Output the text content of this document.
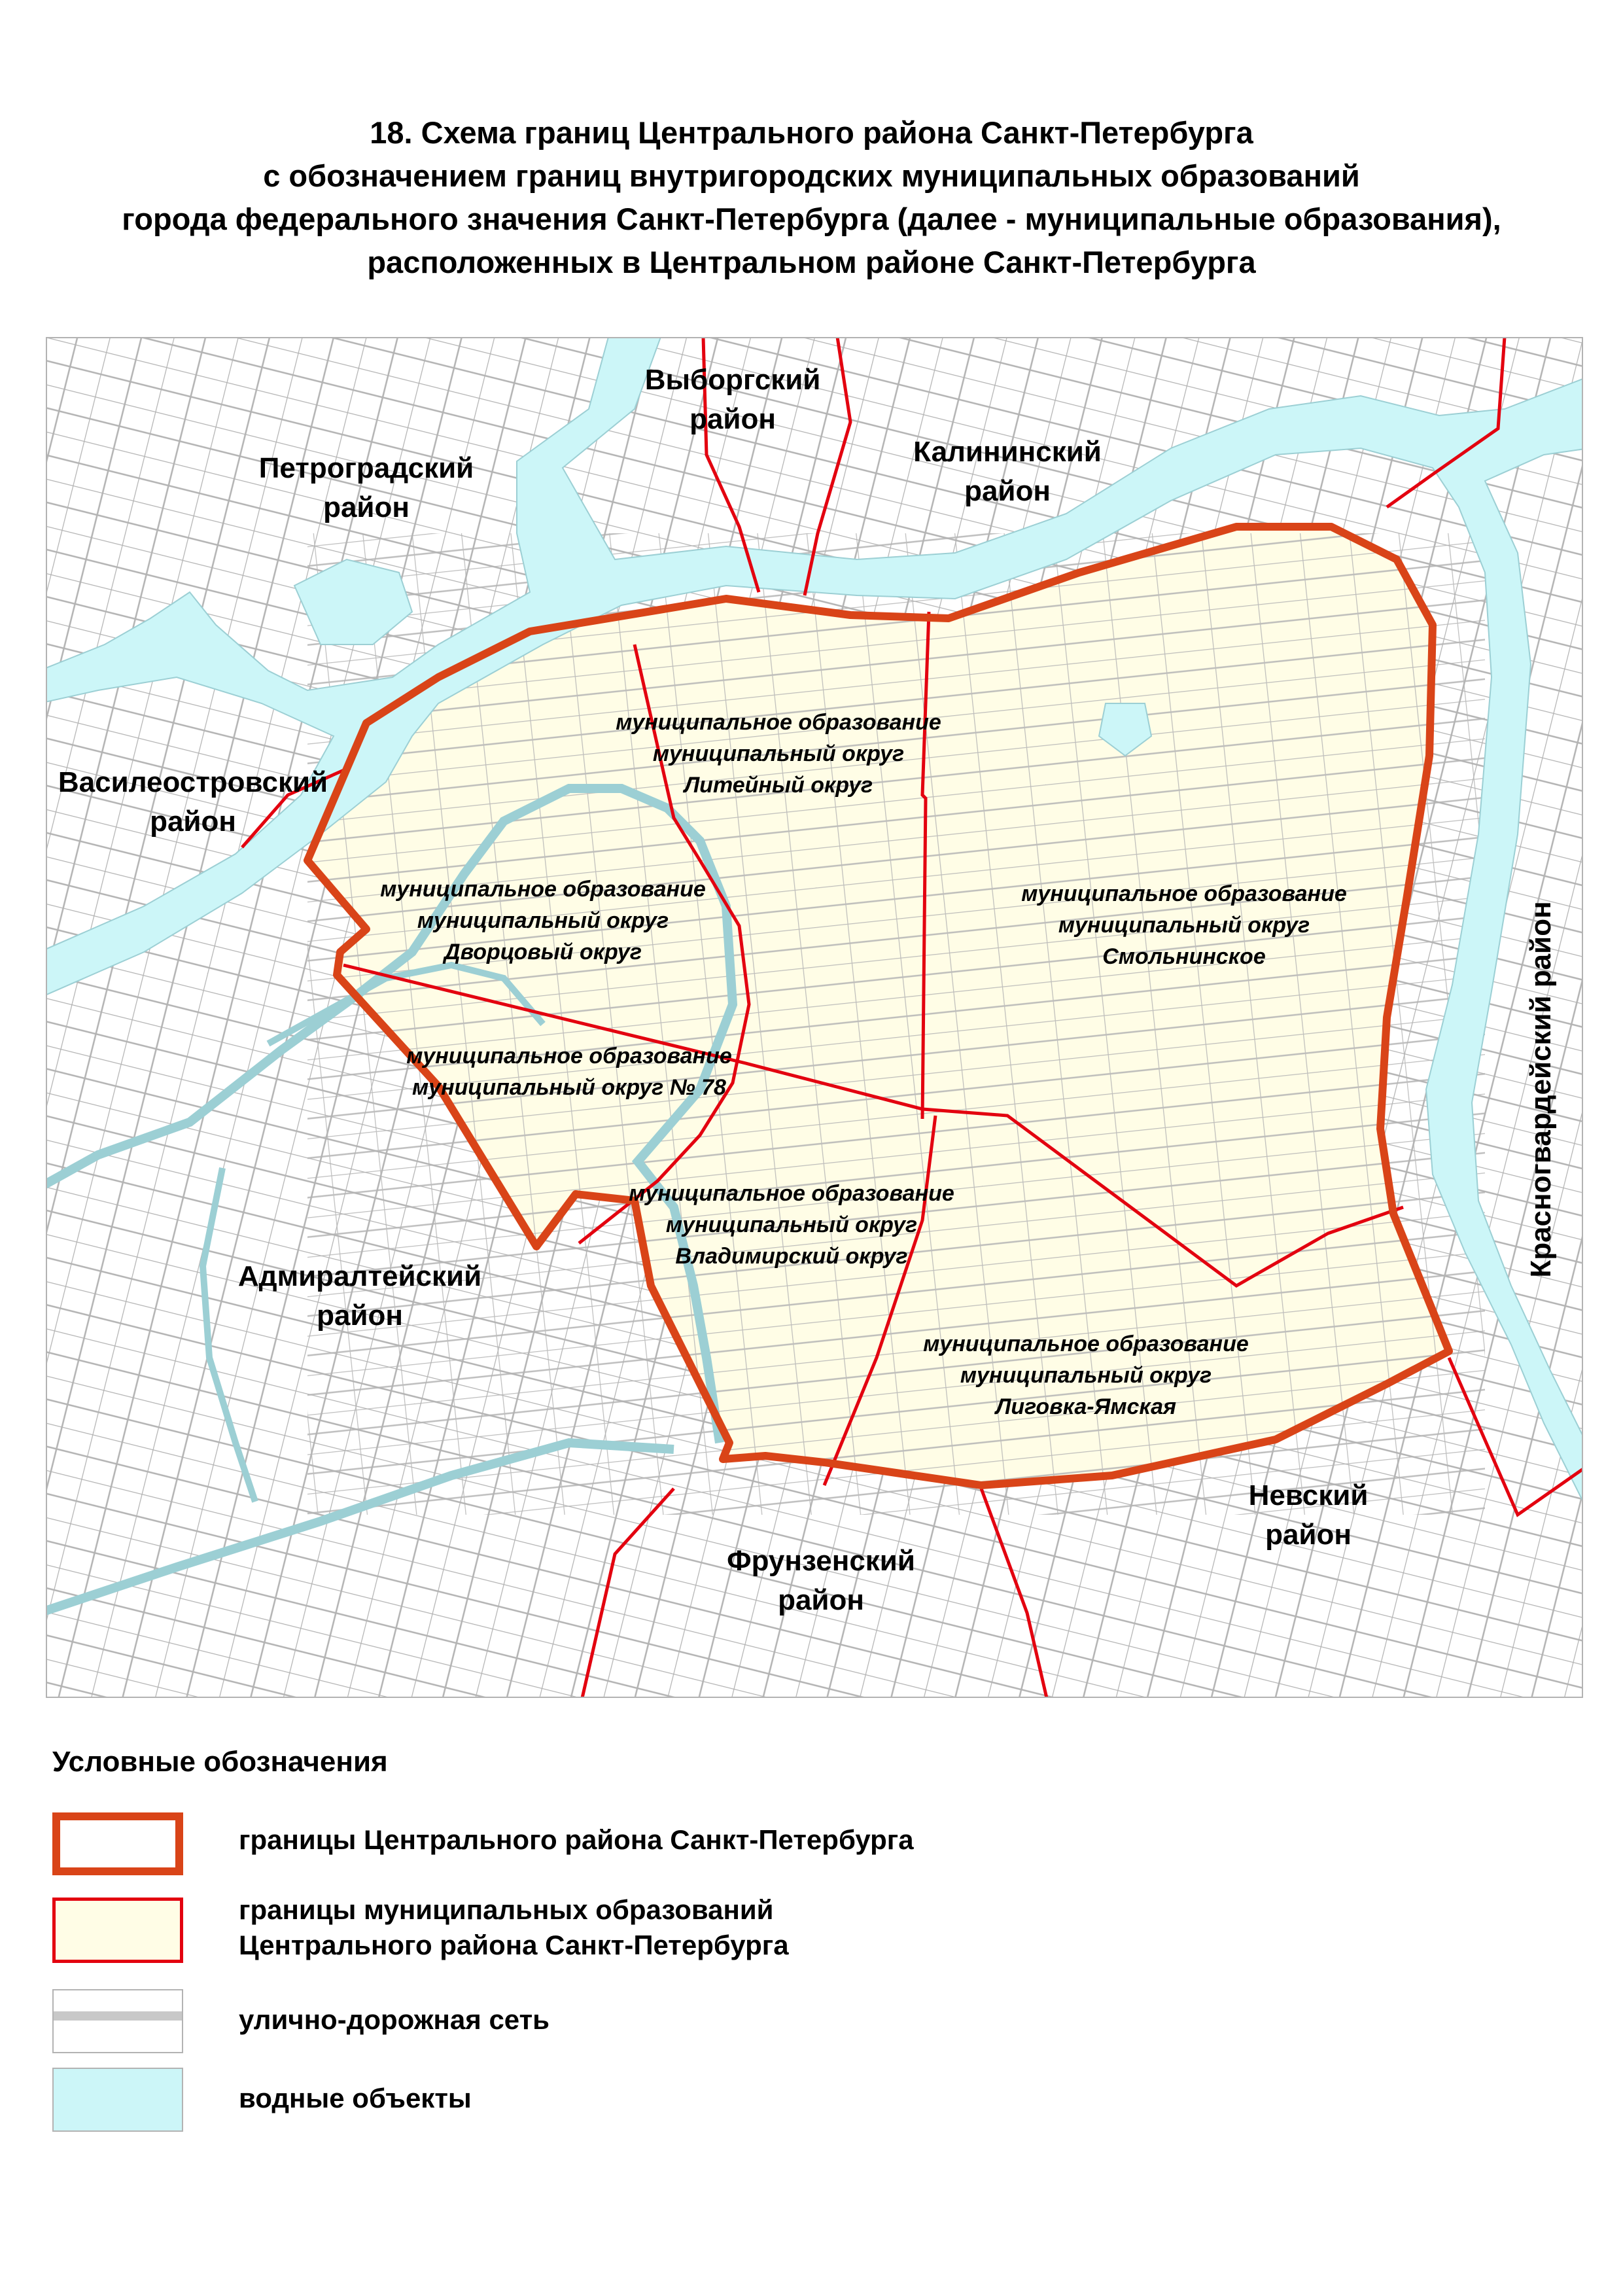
18. Схема границ Центрального района Санкт-Петербурга
с обозначением границ внутригородских муниципальных образований
города федерального значения Санкт-Петербурга (далее - муниципальные образования),
расположенных в Центральном районе Санкт-Петербурга
Выборгский район
Калининский район
Петроградский район
Василеостровский район
Красногвардейский район
Адмиралтейский район
Невский район
Фрунзенский район
муниципальное образование муниципальный округ Литейный округ
муниципальное образование муниципальный округ Дворцовый округ
муниципальное образование муниципальный округ Смольнинское
муниципальное образование муниципальный округ № 78
муниципальное образование муниципальный округ Владимирский округ
муниципальное образование муниципальный округ Лиговка-Ямская
Условные обозначения
границы Центрального района Санкт-Петербурга
границы муниципальных образований
Центрального района Санкт-Петербурга
улично-дорожная сеть
водные объекты
